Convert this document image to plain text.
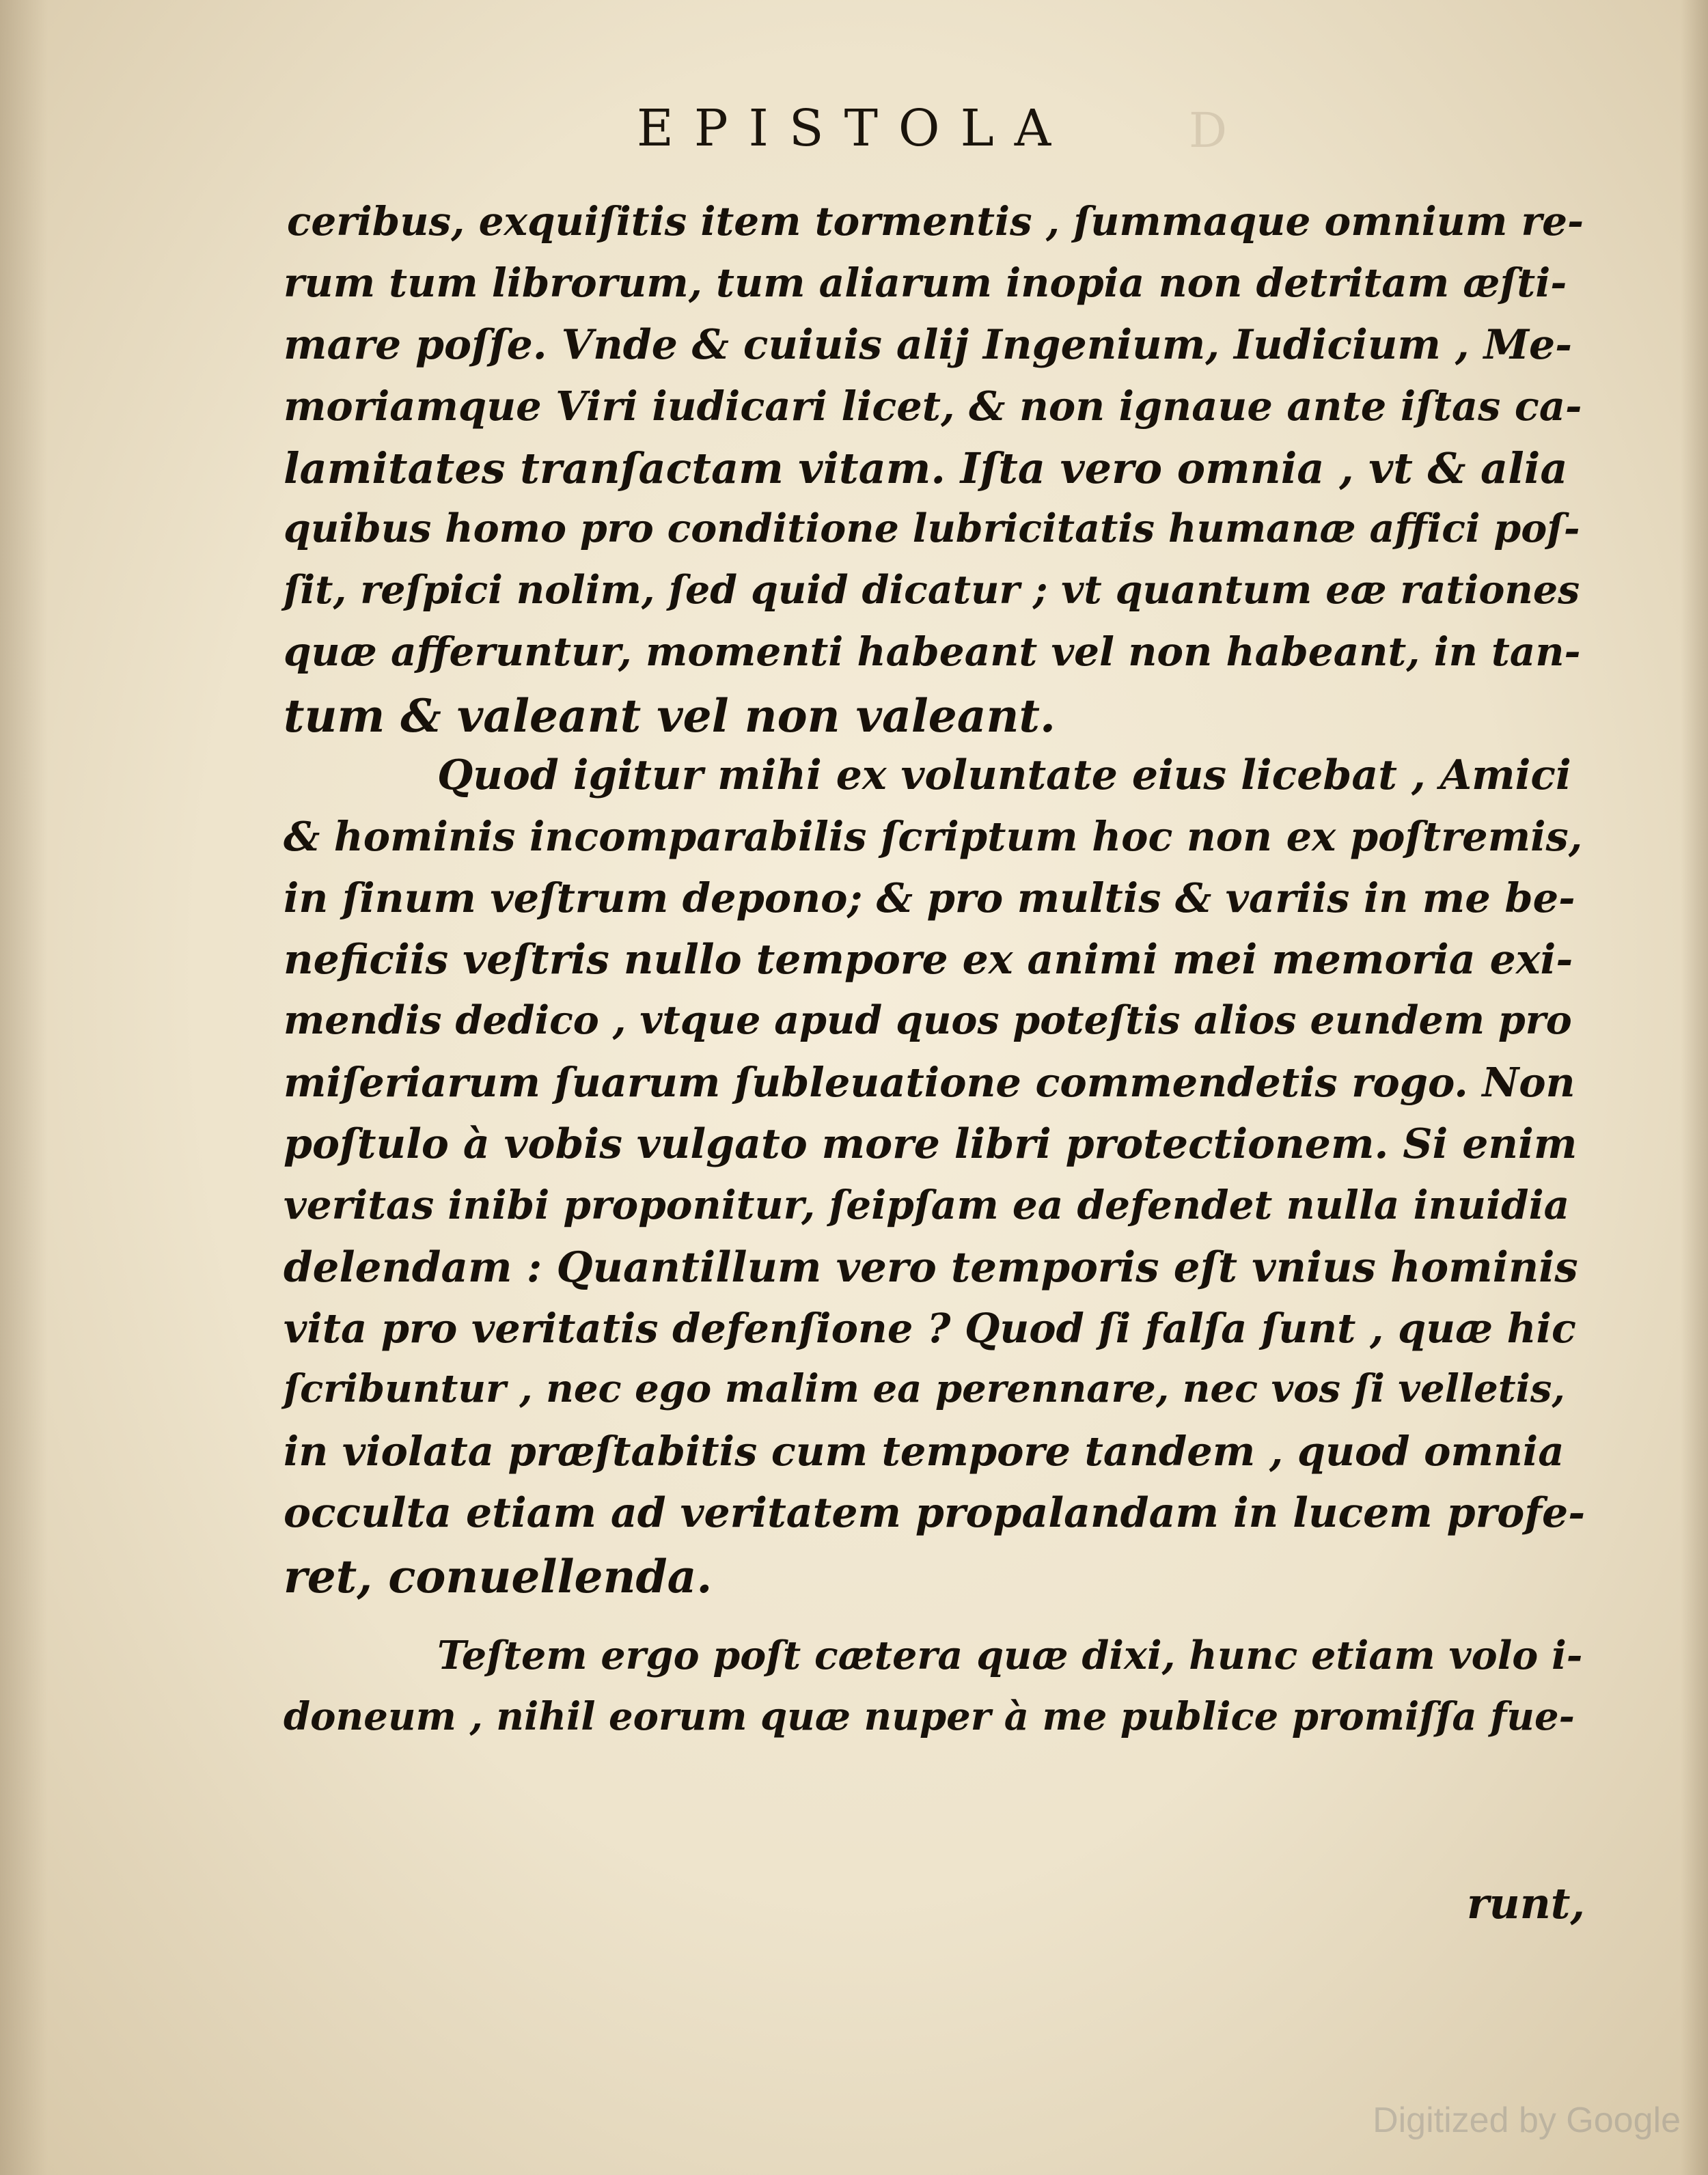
D
EPISTOLA
ceribus, exquiſitis item tormentis , ſummaque omnium re-
rum tum librorum, tum aliarum inopia non detritam æſti-
mare poſſe. Vnde & cuiuis alij Ingenium, Iudicium , Me-
moriamque Viri iudicari licet, & non ignaue ante iſtas ca-
lamitates tranſactam vitam. Iſta vero omnia , vt & alia
quibus homo pro conditione lubricitatis humanæ affici poſ-
ſit, reſpici nolim, ſed quid dicatur ; vt quantum eæ rationes
quæ afferuntur, momenti habeant vel non habeant, in tan-
tum & valeant vel non valeant.
Quod igitur mihi ex voluntate eius licebat , Amici
& hominis incomparabilis ſcriptum hoc non ex poſtremis,
in ſinum veſtrum depono; & pro multis & variis in me be-
neficiis veſtris nullo tempore ex animi mei memoria exi-
mendis dedico , vtque apud quos poteſtis alios eundem pro
miſeriarum ſuarum ſubleuatione commendetis rogo. Non
poſtulo à vobis vulgato more libri protectionem. Si enim
veritas inibi proponitur, ſeipſam ea defendet nulla inuidia
delendam : Quantillum vero temporis eſt vnius hominis
vita pro veritatis defenſione ? Quod ſi falſa ſunt , quæ hic
ſcribuntur , nec ego malim ea perennare, nec vos ſi velletis,
in violata præſtabitis cum tempore tandem , quod omnia
occulta etiam ad veritatem propalandam in lucem profe-
ret, conuellenda.
Teſtem ergo poſt cætera quæ dixi, hunc etiam volo i-
doneum , nihil eorum quæ nuper à me publice promiſſa fue-
runt,
Digitized by Google
